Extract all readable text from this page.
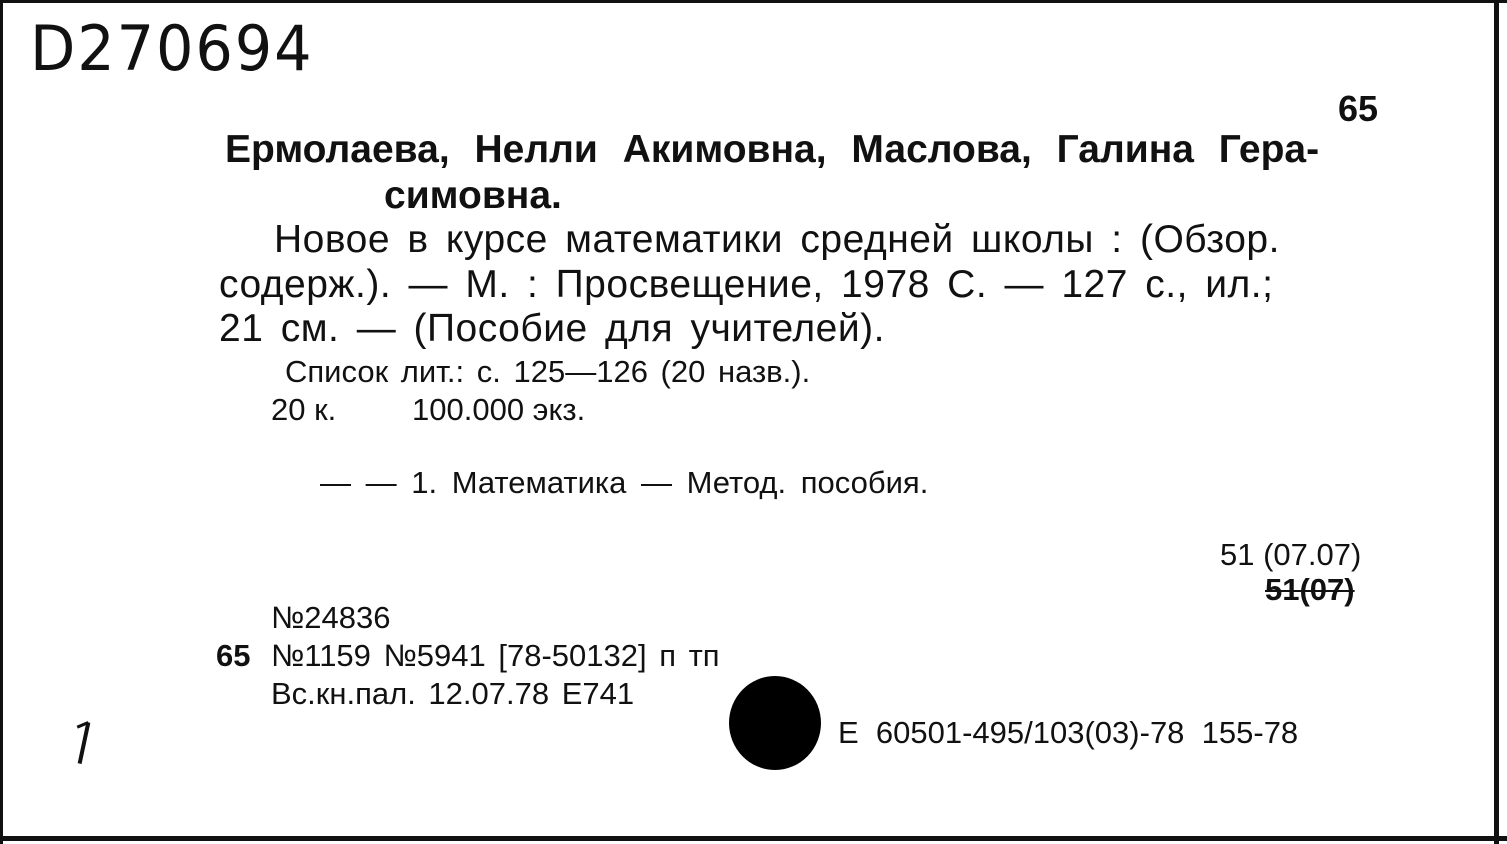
D270694
65
Ермолаева, Нелли Акимовна, Маслова, Галина Гера-
симовна.
Новое в курсе математики средней школы : (Обзор.
содерж.). — М. : Просвещение, 1978 С. — 127 с., ил.;
21 см. — (Пособие для учителей).
Список лит.: с. 125—126 (20 назв.).
20 к. 100.000 экз.
— — 1. Математика — Метод. пособия.
51 (07.07)
51(07)
№24836
65 №1159 №5941 [78-50132] п тп
Вс.кн.пал. 12.07.78 Е741
Е  60501-495/103(03)-78  155-78
